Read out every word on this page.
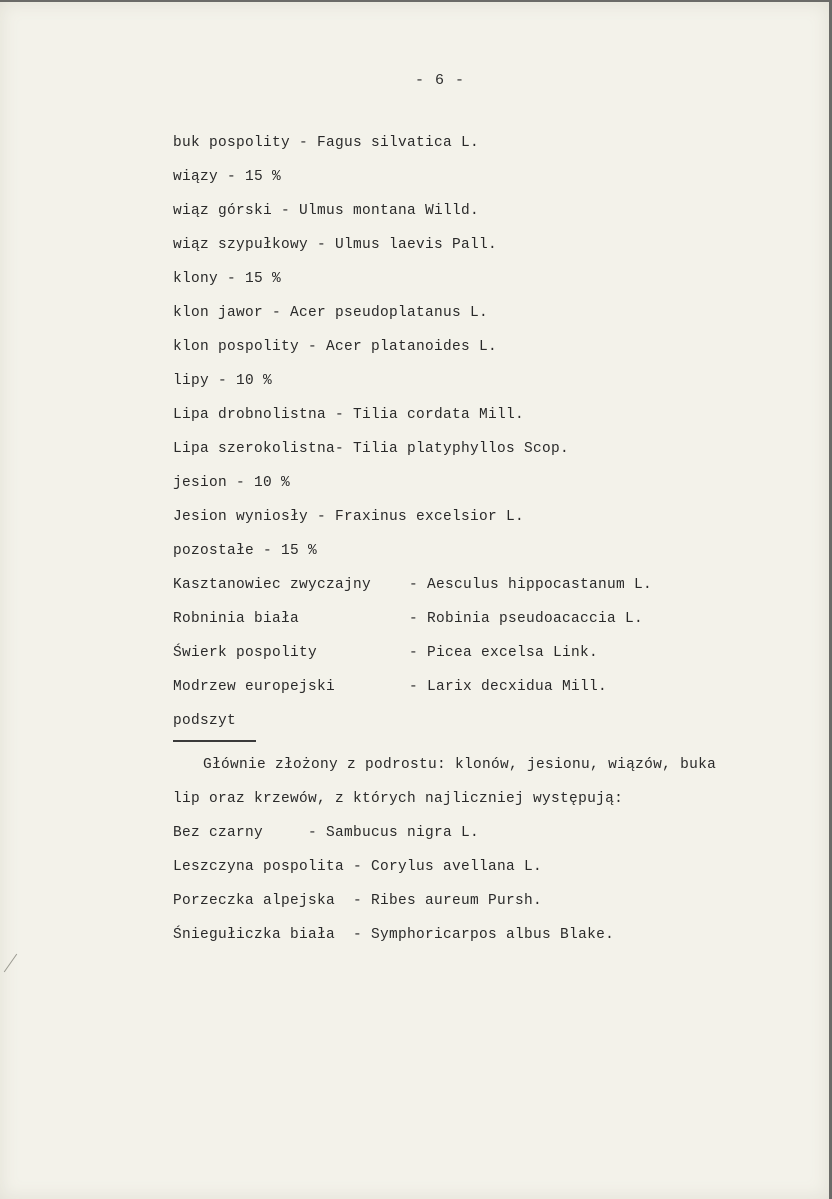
- 6 -
buk pospolity - Fagus silvatica L.
wiązy - 15 %
wiąz górski - Ulmus montana Willd.
wiąz szypułkowy - Ulmus laevis Pall.
klony - 15 %
klon jawor - Acer pseudoplatanus L.
klon pospolity - Acer platanoides L.
lipy - 10 %
Lipa drobnolistna - Tilia cordata Mill.
Lipa szerokolistna- Tilia platyphyllos Scop.
jesion - 10 %
Jesion wyniosły - Fraxinus excelsior L.
pozostałe - 15 %
Kasztanowiec zwyczajny	- Aesculus hippocastanum L.
Robninia biała	- Robinia pseudoacaccia L.
Świerk pospolity	- Picea excelsa Link.
Modrzew europejski	- Larix decxidua Mill.
podszyt
Głównie złożony z podrostu: klonów, jesionu, wiązów, buka
lip oraz krzewów, z których najliczniej występują:
Bez czarny     - Sambucus nigra L.
Leszczyna pospolita - Corylus avellana L.
Porzeczka alpejska  - Ribes aureum Pursh.
Śniegułiczka biała  - Symphoricarpos albus Blake.
